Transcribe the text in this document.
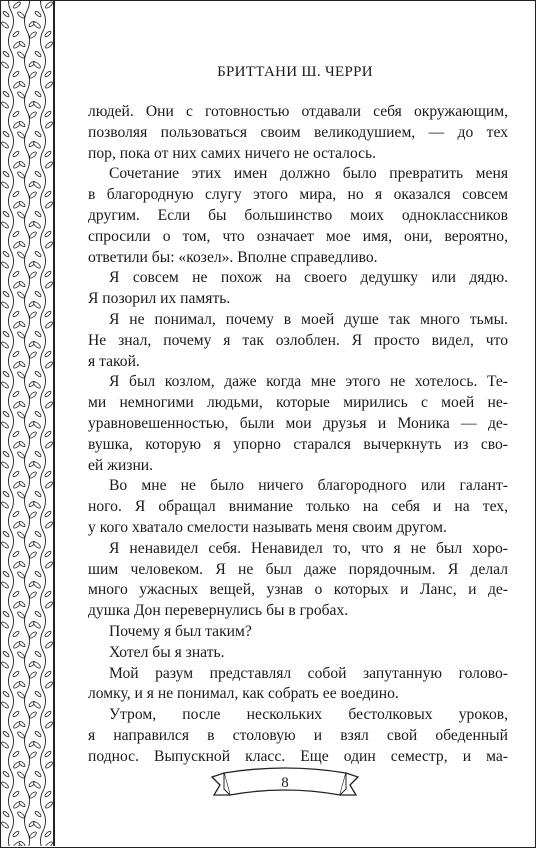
БРИТТАНИ Ш. ЧЕРРИ
людей. Они с готовностью отдавали себя окружающим,
позволяя пользоваться своим великодушием, — до тех
пор, пока от них самих ничего не осталось.
Сочетание этих имен должно было превратить меня
в благородную слугу этого мира, но я оказался совсем
другим. Если бы большинство моих одноклассников
спросили о том, что означает мое имя, они, вероятно,
ответили бы: «козел». Вполне справедливо.
Я совсем не похож на своего дедушку или дядю.
Я позорил их память.
Я не понимал, почему в моей душе так много тьмы.
Не знал, почему я так озлоблен. Я просто видел, что
я такой.
Я был козлом, даже когда мне этого не хотелось. Те-
ми немногими людьми, которые мирились с моей не-
уравновешенностью, были мои друзья и Моника — де-
вушка, которую я упорно старался вычеркнуть из сво-
ей жизни.
Во мне не было ничего благородного или галант-
ного. Я обращал внимание только на себя и на тех,
у кого хватало смелости называть меня своим другом.
Я ненавидел себя. Ненавидел то, что я не был хоро-
шим человеком. Я не был даже порядочным. Я делал
много ужасных вещей, узнав о которых и Ланс, и де-
душка Дон перевернулись бы в гробах.
Почему я был таким?
Хотел бы я знать.
Мой разум представлял собой запутанную голово-
ломку, и я не понимал, как собрать ее воедино.
Утром, после нескольких бестолковых уроков,
я направился в столовую и взял свой обеденный
поднос. Выпускной класс. Еще один семестр, и ма-
8
